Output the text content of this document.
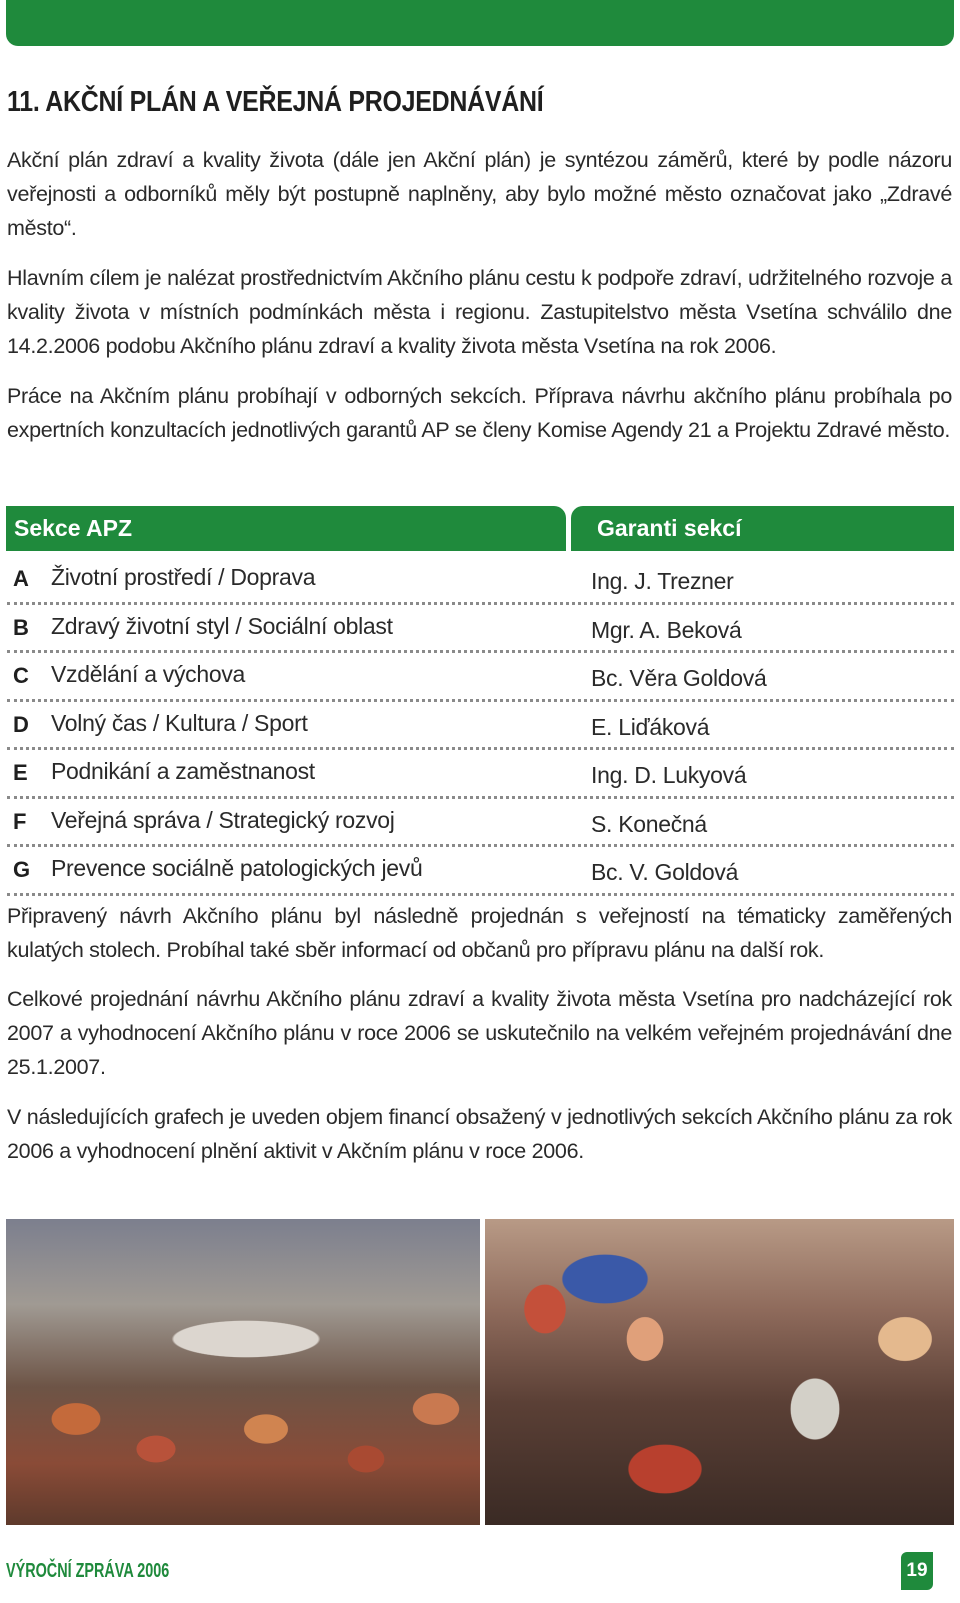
11. AKČNÍ PLÁN A VEŘEJNÁ PROJEDNÁVÁNÍ

Akční plán zdraví a kvality života (dále jen Akční plán) je syntézou záměrů, které by podle názoru veřejnosti a odborníků měly být postupně naplněny, aby bylo možné město označovat jako „Zdravé město“.

Hlavním cílem je nalézat prostřednictvím Akčního plánu cestu k podpoře zdraví, udržitelného rozvoje a kvality života v místních podmínkách města i regionu. Zastupitelstvo města Vsetína schválilo dne 14.2.2006 podobu Akčního plánu zdraví a kvality života města Vsetína na rok 2006.

Práce na Akčním plánu probíhají v odborných sekcích. Příprava návrhu akčního plánu probíhala po expertních konzultacích jednotlivých garantů AP se členy Komise Agendy 21 a Projektu Zdravé město.

Sekce APZ	Garanti sekcí
A Životní prostředí / Doprava	Ing. J. Trezner
B Zdravý životní styl / Sociální oblast	Mgr. A. Beková
C Vzdělání a výchova	Bc. Věra Goldová
D Volný čas / Kultura / Sport	E. Liďáková
E Podnikání a zaměstnanost	Ing. D. Lukyová
F Veřejná správa / Strategický rozvoj	S. Konečná
G Prevence sociálně patologických jevů	Bc. V. Goldová

Připravený návrh Akčního plánu byl následně projednán s veřejností na tématicky zaměřených kulatých stolech. Probíhal také sběr informací od občanů pro přípravu plánu na další rok.

Celkové projednání návrhu Akčního plánu zdraví a kvality života města Vsetína pro nadcházející rok 2007 a vyhodnocení Akčního plánu v roce 2006 se uskutečnilo na velkém veřejném projednávání dne 25.1.2007.

V následujících grafech je uveden objem financí obsažený v jednotlivých sekcích Akčního plánu za rok 2006 a vyhodnocení plnění aktivit v Akčním plánu v roce 2006.

VÝROČNÍ ZPRÁVA 2006	19
